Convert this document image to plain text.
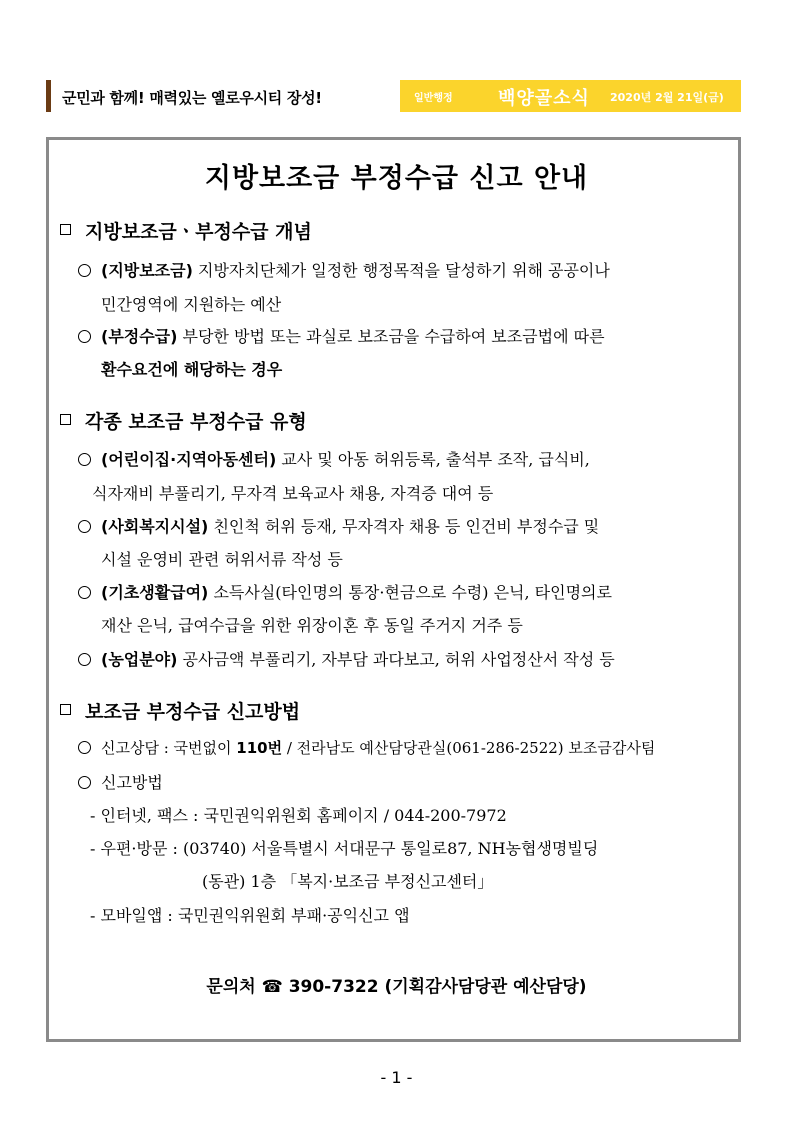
군민과 함께! 매력있는 옐로우시티 장성!	일반행정	백양골소식 2020년 2월 21일(금)
지방보조금 부정수급 신고 안내
지방보조금ㆍ부정수급 개념
(지방보조금) 지방자치단체가 일정한 행정목적을 달성하기 위해 공공이나
민간영역에 지원하는 예산
(부정수급) 부당한 방법 또는 과실로 보조금을 수급하여 보조금법에 따른
환수요건에 해당하는 경우
각종 보조금 부정수급 유형
(어린이집·지역아동센터) 교사 및 아동 허위등록, 출석부 조작, 급식비,
식자재비 부풀리기, 무자격 보육교사 채용, 자격증 대여 등
(사회복지시설) 친인척 허위 등재, 무자격자 채용 등 인건비 부정수급 및
시설 운영비 관련 허위서류 작성 등
(기초생활급여) 소득사실(타인명의 통장·현금으로 수령) 은닉, 타인명의로
재산 은닉, 급여수급을 위한 위장이혼 후 동일 주거지 거주 등
(농업분야) 공사금액 부풀리기, 자부담 과다보고, 허위 사업정산서 작성 등
보조금 부정수급 신고방법
신고상담 : 국번없이 110번 / 전라남도 예산담당관실(061-286-2522) 보조금감사팀
신고방법
- 인터넷, 팩스 : 국민권익위원회 홈페이지 / 044-200-7972
- 우편·방문 : (03740) 서울특별시 서대문구 통일로87, NH농협생명빌딩
(동관) 1층 「복지·보조금 부정신고센터」
- 모바일앱 : 국민권익위원회 부패·공익신고 앱
문의처 ☎ 390-7322 (기획감사담당관 예산담당)
- 1 -
